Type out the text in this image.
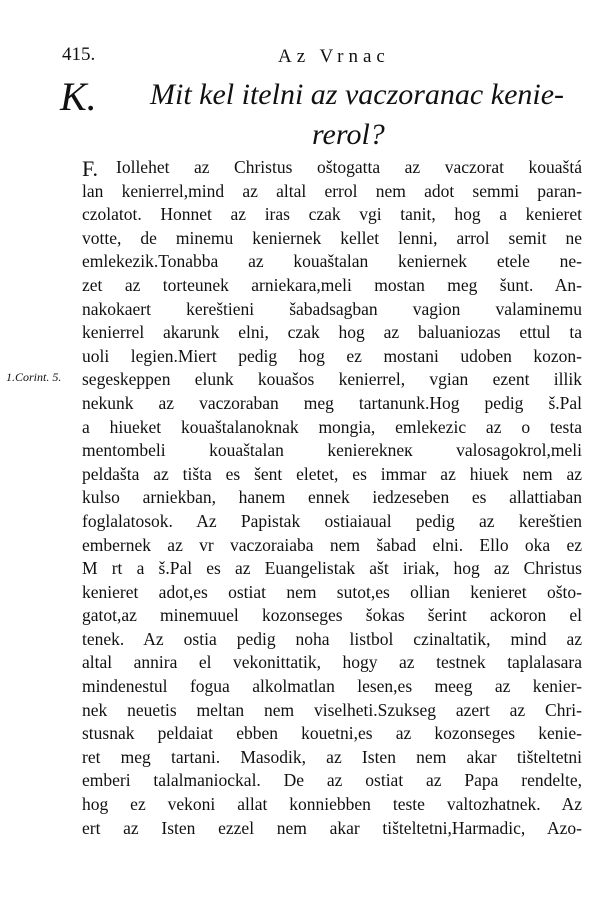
415.	Az Vrnac
K. Mit kel itelni az vaczoranac kenie-
rerol?
F.
1.Corint. 5.
Iollehet az Christus oštogatta az vaczorat kouaštá
lan kenierrel,mind az altal errol nem adot semmi paran-
czolatot. Honnet az iras czak vgi tanit, hog a kenieret
votte, de minemu keniernek kellet lenni, arrol semit ne
emlekezik.Tonabba az kouaštalan keniernek etele ne-
zet az torteunek arniekara,meli mostan meg šunt. An-
nakokaert kereštieni šabadsagban vagion valaminemu
kenierrel akarunk elni, czak hog az baluaniozas ettul ta
uoli legien.Miert pedig hog ez mostani udoben kozon-
segeskeppen elunk kouašos kenierrel, vgian ezent illik
nekunk az vaczoraban meg tartanunk.Hog pedig š.Pal
a hiueket kouaštalanoknak mongia, emlekezic az o testa
mentombeli kouaštalan kenierekneк valosagokrol,meli
peldašta az tišta es šent eletet, es immar az hiuek nem az
kulso arniekban, hanem ennek iedzeseben es allattiaban
foglalatosok. Az Papistak ostiaiaual pedig az kereštien
embernek az vr vaczoraiaba nem šabad elni. Ello oka ez
M rt a š.Pal es az Euangelistak ašt iriak, hog az Christus
kenieret adot,es ostiat nem sutot,es ollian kenieret ošto-
gatot,az minemuuel kozonseges šokas šerint ackoron el
tenek. Az ostia pedig noha listbol czinaltatik, mind az
altal annira el vekonittatik, hogy az testnek taplalasara
mindenestul fogua alkolmatlan lesen,es meeg az kenier-
nek neuetis meltan nem viselheti.Szukseg azert az Chri-
stusnak peldaiat ebben kouetni,es az kozonseges kenie-
ret meg tartani. Masodik, az Isten nem akar tišteltetni
emberi talalmaniockal. De az ostiat az Papa rendelte,
hog ez vekoni allat konniebben teste valtozhatnek. Az
ert az Isten ezzel nem akar tišteltetni,Harmadic, Azo-
